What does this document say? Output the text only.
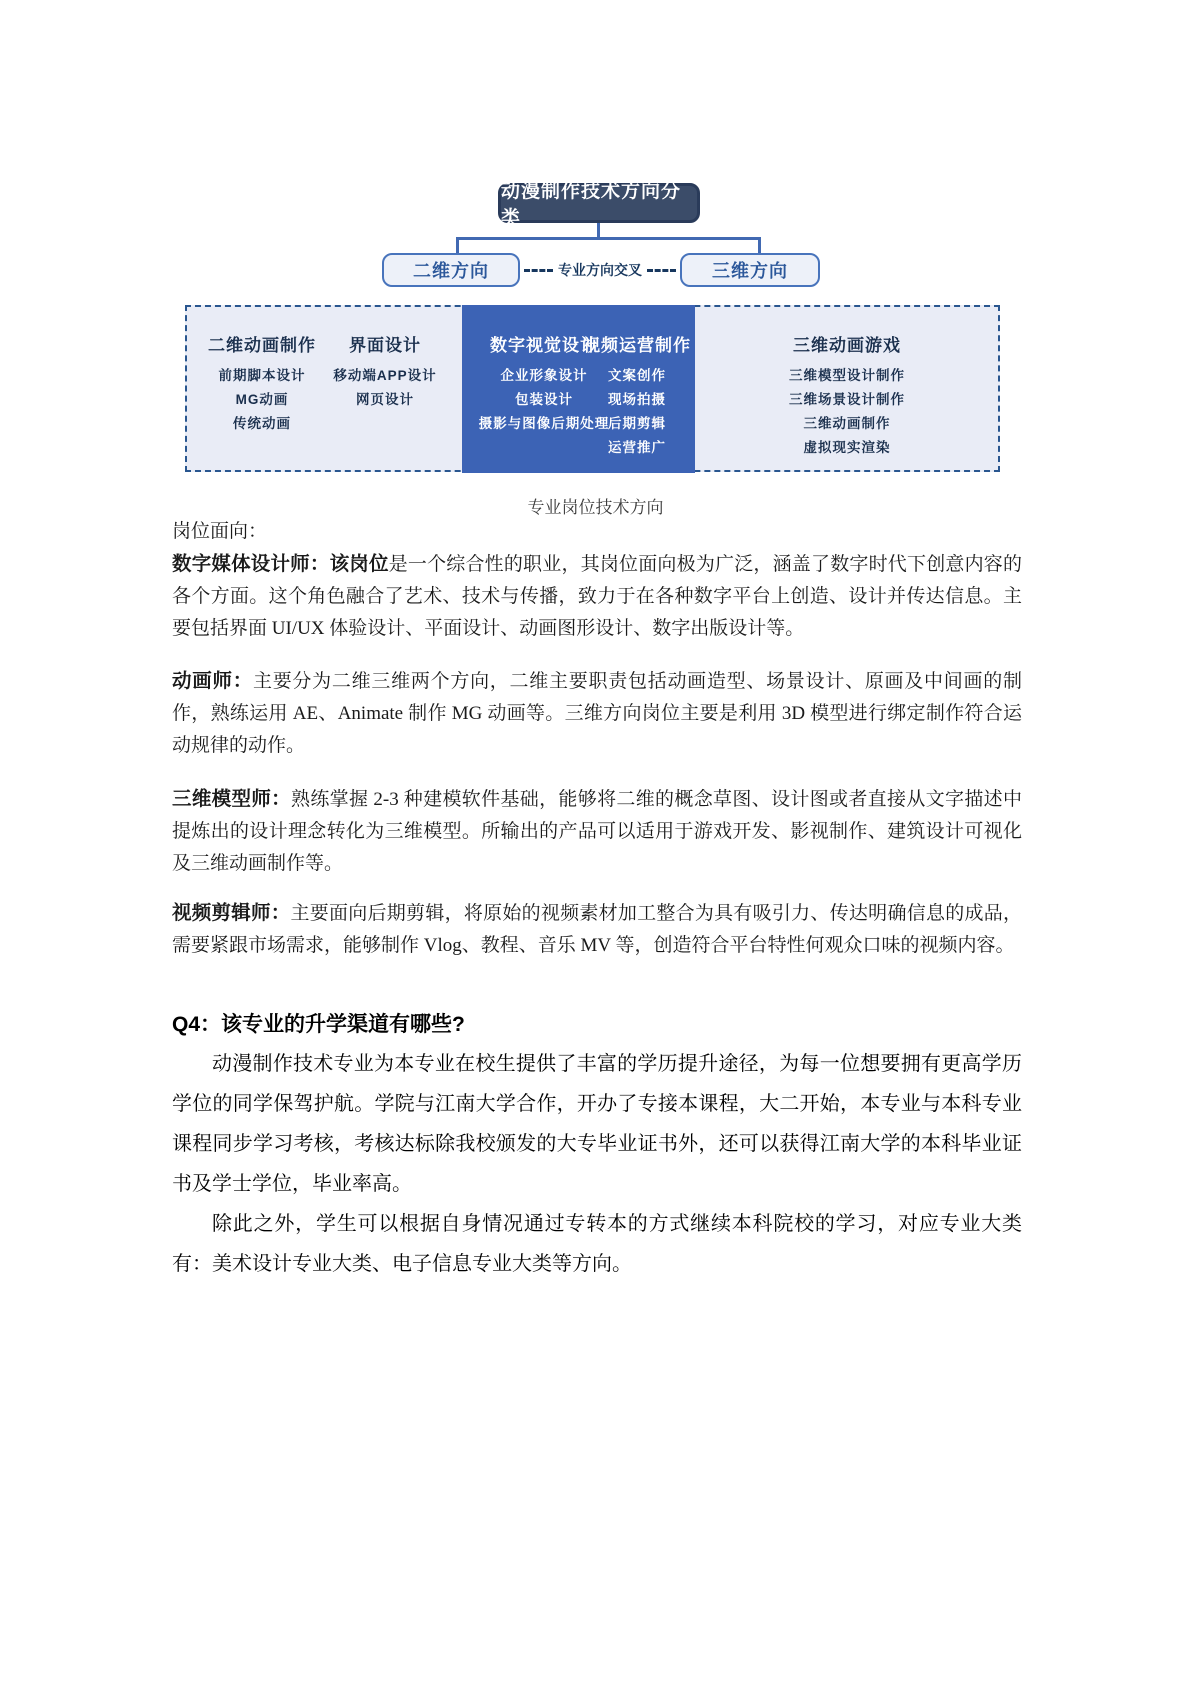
动漫制作技术方向分类
二维方向	三维方向
专业方向交叉
二维动画制作
前期脚本设计
MG动画
传统动画
界面设计
移动端APP设计
网页设计
数字视觉设计
企业形象设计
包装设计
摄影与图像后期处理
视频运营制作
文案创作
现场拍摄
后期剪辑
运营推广
三维动画游戏
三维模型设计制作
三维场景设计制作
三维动画制作
虚拟现实渲染
专业岗位技术方向

岗位面向：

数字媒体设计师：该岗位是一个综合性的职业，其岗位面向极为广泛，涵盖了数字时代下创意内容的各个方面。这个角色融合了艺术、技术与传播，致力于在各种数字平台上创造、设计并传达信息。主要包括界面 UI/UX 体验设计、平面设计、动画图形设计、数字出版设计等。

动画师：主要分为二维三维两个方向，二维主要职责包括动画造型、场景设计、原画及中间画的制作，熟练运用 AE、Animate 制作 MG 动画等。三维方向岗位主要是利用 3D 模型进行绑定制作符合运动规律的动作。

三维模型师：熟练掌握 2-3 种建模软件基础，能够将二维的概念草图、设计图或者直接从文字描述中提炼出的设计理念转化为三维模型。所输出的产品可以适用于游戏开发、影视制作、建筑设计可视化及三维动画制作等。

视频剪辑师：主要面向后期剪辑，将原始的视频素材加工整合为具有吸引力、传达明确信息的成品，需要紧跟市场需求，能够制作 Vlog、教程、音乐 MV 等，创造符合平台特性何观众口味的视频内容。

Q4：该专业的升学渠道有哪些?

动漫制作技术专业为本专业在校生提供了丰富的学历提升途径，为每一位想要拥有更高学历学位的同学保驾护航。学院与江南大学合作，开办了专接本课程，大二开始，本专业与本科专业课程同步学习考核，考核达标除我校颁发的大专毕业证书外，还可以获得江南大学的本科毕业证书及学士学位，毕业率高。

除此之外，学生可以根据自身情况通过专转本的方式继续本科院校的学习，对应专业大类有：美术设计专业大类、电子信息专业大类等方向。
